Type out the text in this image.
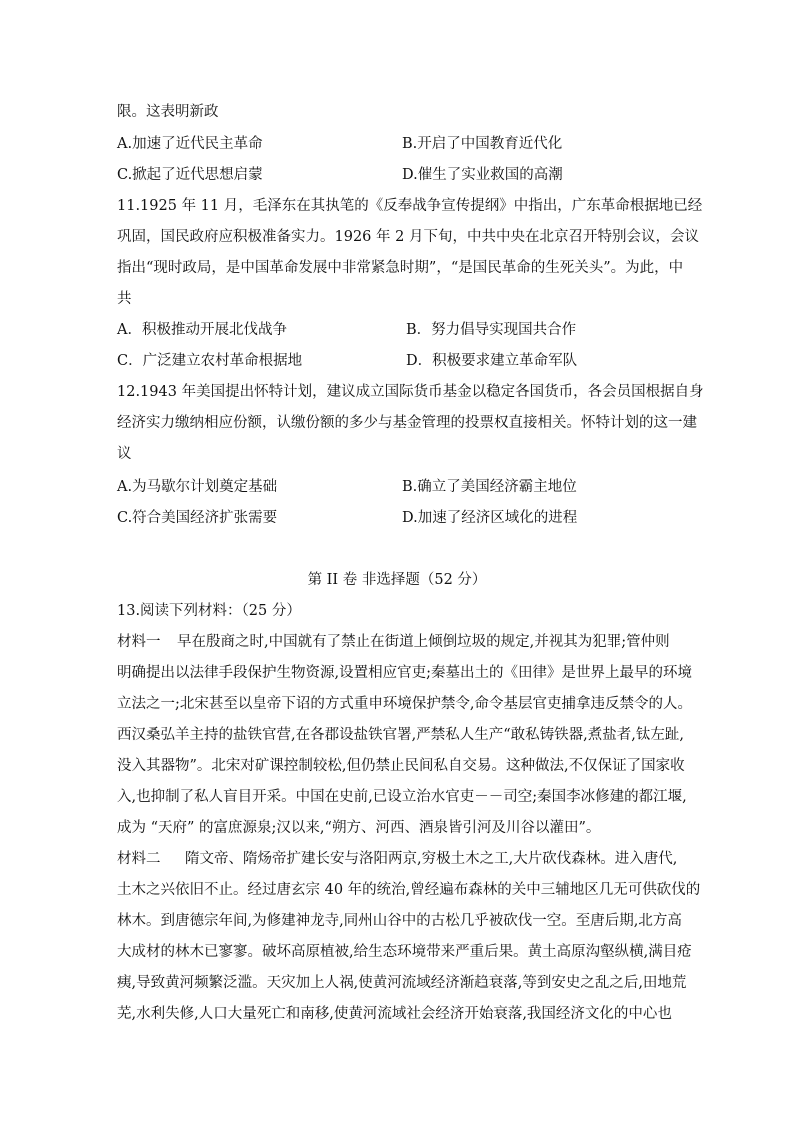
限。这表明新政
A.加速了近代民主革命	B.开启了中国教育近代化
C.掀起了近代思想启蒙	D.催生了实业救国的高潮
11.1925 年 11 月，毛泽东在其执笔的《反奉战争宣传提纲》中指出，广东革命根据地已经
巩固，国民政府应积极准备实力。1926 年 2 月下旬，中共中央在北京召开特别会议，会议
指出“现时政局，是中国革命发展中非常紧急时期”，“是国民革命的生死关头”。为此，中
共
A．积极推动开展北伐战争	B．努力倡导实现国共合作
C．广泛建立农村革命根据地	D．积极要求建立革命军队
12.1943 年美国提出怀特计划，建议成立国际货币基金以稳定各国货币，各会员国根据自身
经济实力缴纳相应份额，认缴份额的多少与基金管理的投票权直接相关。怀特计划的这一建
议
A.为马歇尔计划奠定基础	B.确立了美国经济霸主地位
C.符合美国经济扩张需要	D.加速了经济区域化的进程
第 II 卷 非选择题（52 分）
13.阅读下列材料：（25 分）
材料一 早在殷商之时,中国就有了禁止在街道上倾倒垃圾的规定,并视其为犯罪;管仲则
明确提出以法律手段保护生物资源,设置相应官吏;秦墓出土的《田律》是世界上最早的环境
立法之一;北宋甚至以皇帝下诏的方式重申环境保护禁令,命令基层官吏捕拿违反禁令的人。
西汉桑弘羊主持的盐铁官营,在各郡设盐铁官署,严禁私人生产“敢私铸铁器,煮盐者,钛左趾,
没入其器物”。北宋对矿课控制较松,但仍禁止民间私自交易。这种做法,不仅保证了国家收
入,也抑制了私人盲目开采。中国在史前,已设立治水官吏－－司空;秦国李冰修建的都江堰,
成为 “天府” 的富庶源泉;汉以来,“朔方、河西、酒泉皆引河及川谷以灌田”。
材料二 隋文帝、隋炀帝扩建长安与洛阳两京,穷极土木之工,大片砍伐森林。进入唐代,
土木之兴依旧不止。经过唐玄宗 40 年的统治,曾经遍布森林的关中三辅地区几无可供砍伐的
林木。到唐德宗年间,为修建神龙寺,同州山谷中的古松几乎被砍伐一空。至唐后期,北方高
大成材的林木已寥寥。破坏高原植被,给生态环境带来严重后果。黄土高原沟壑纵横,满目疮
痍,导致黄河频繁泛滥。天灾加上人祸,使黄河流域经济渐趋衰落,等到安史之乱之后,田地荒
芜,水利失修,人口大量死亡和南移,使黄河流域社会经济开始衰落,我国经济文化的中心也
